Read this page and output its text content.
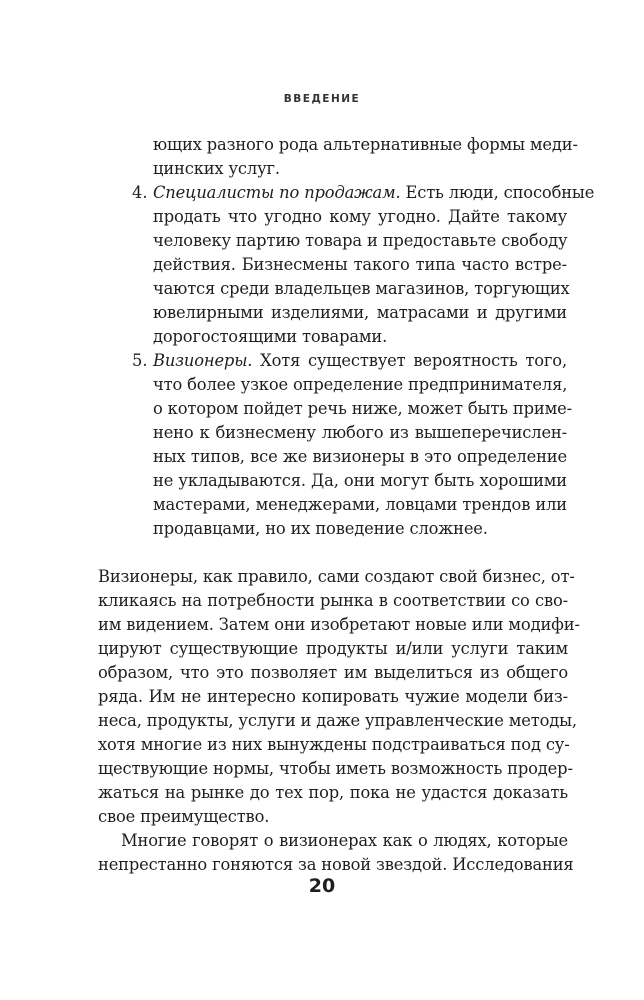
ВВЕДЕНИЕ
ющих разного рода альтернативные формы меди-
цинских услуг.
4. Специалисты по продажам. Есть люди, способные
продать что угодно кому угодно. Дайте такому
человеку партию товара и предоставьте свободу
действия. Бизнесмены такого типа часто встре-
чаются среди владельцев магазинов, торгующих
ювелирными изделиями, матрасами и другими
дорогостоящими товарами.
5. Визионеры. Хотя существует вероятность того,
что более узкое определение предпринимателя,
о котором пойдет речь ниже, может быть приме-
нено к бизнесмену любого из вышеперечислен-
ных типов, все же визионеры в это определение
не укладываются. Да, они могут быть хорошими
мастерами, менеджерами, ловцами трендов или
продавцами, но их поведение сложнее.
Визионеры, как правило, сами создают свой бизнес, от-
кликаясь на потребности рынка в соответствии со сво-
им видением. Затем они изобретают новые или модифи-
цируют существующие продукты и/или услуги таким
образом, что это позволяет им выделиться из общего
ряда. Им не интересно копировать чужие модели биз-
неса, продукты, услуги и даже управленческие методы,
хотя многие из них вынуждены подстраиваться под су-
ществующие нормы, чтобы иметь возможность продер-
жаться на рынке до тех пор, пока не удастся доказать
свое преимущество.
Многие говорят о визионерах как о людях, которые
непрестанно гоняются за новой звездой. Исследования
20
